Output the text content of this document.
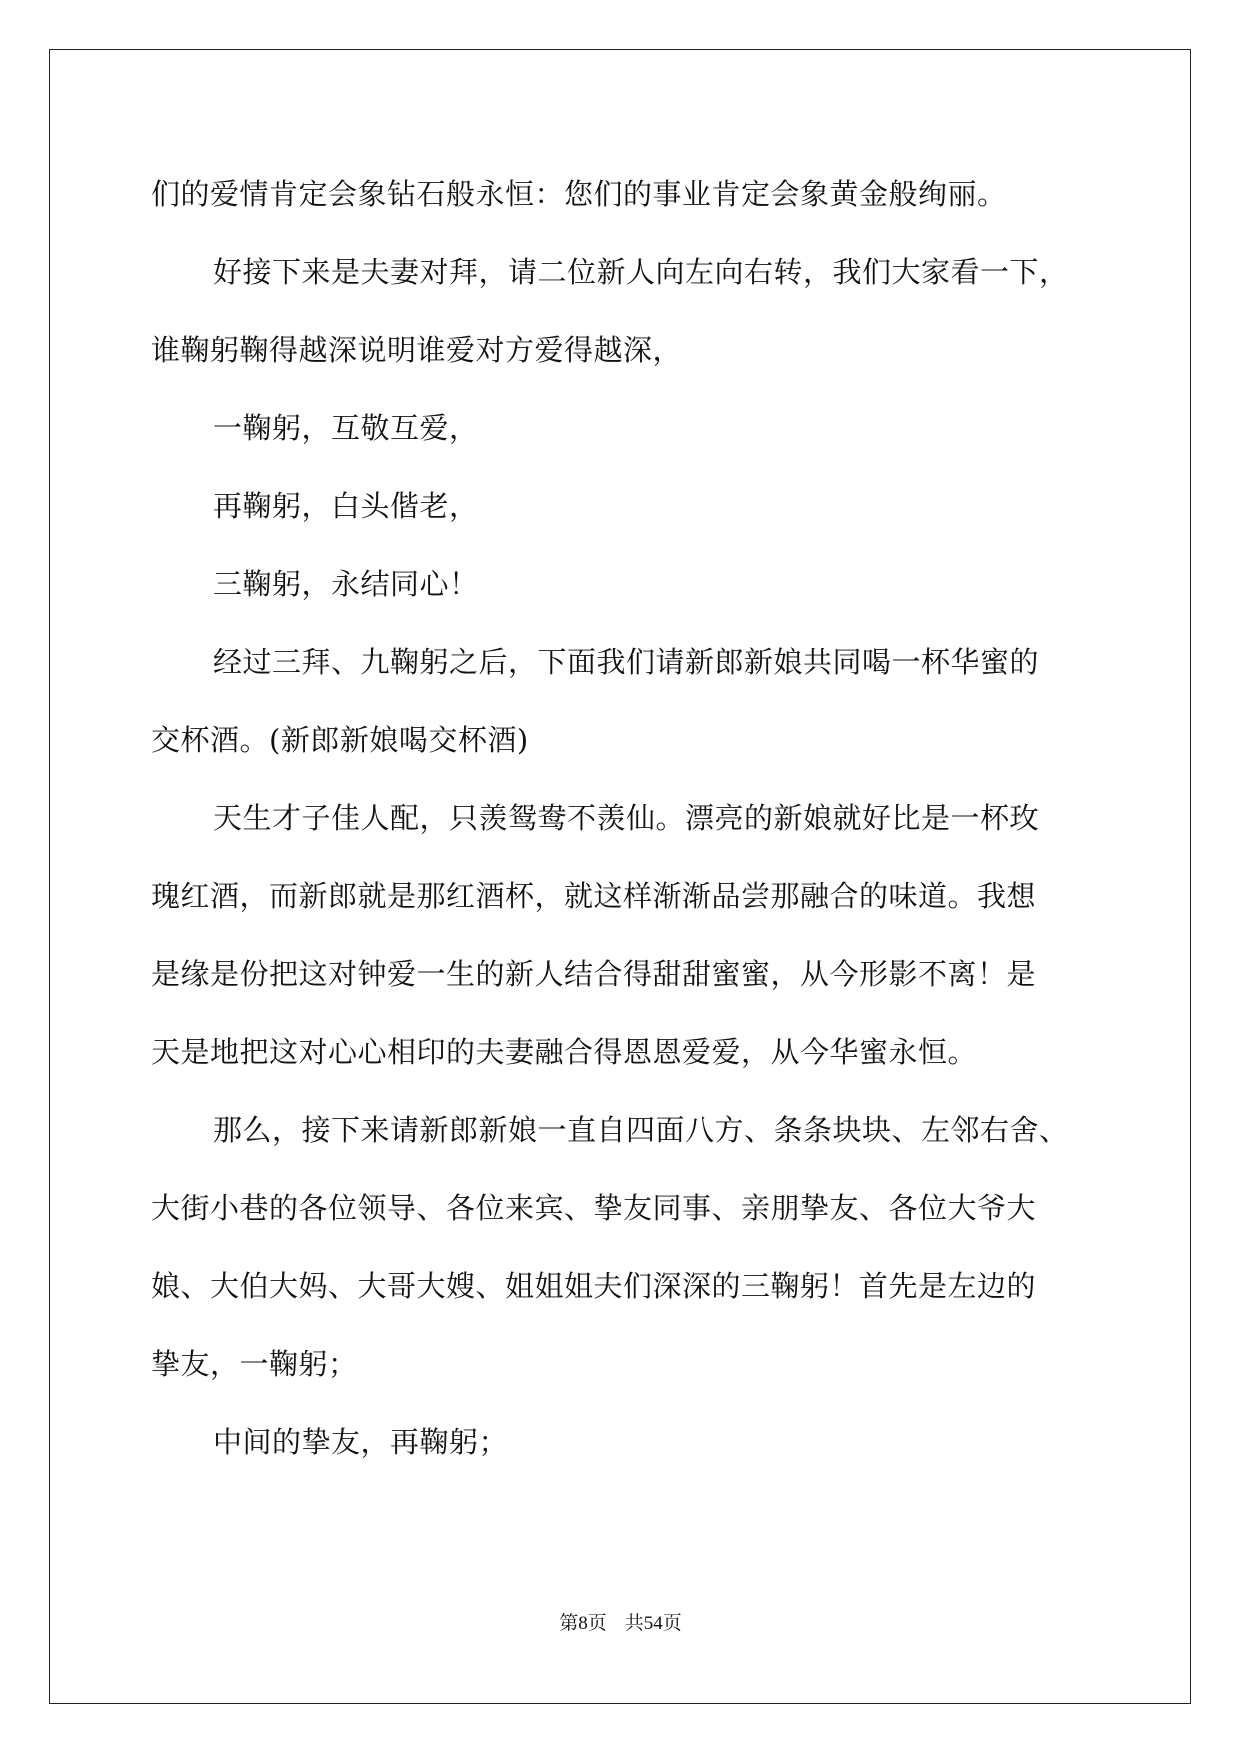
们的爱情肯定会象钻石般永恒：您们的事业肯定会象黄金般绚丽。
好接下来是夫妻对拜，请二位新人向左向右转，我们大家看一下，
谁鞠躬鞠得越深说明谁爱对方爱得越深，
一鞠躬，互敬互爱，
再鞠躬，白头偕老，
三鞠躬，永结同心！
经过三拜、九鞠躬之后，下面我们请新郎新娘共同喝一杯华蜜的
交杯酒。(新郎新娘喝交杯酒)
天生才子佳人配，只羡鸳鸯不羡仙。漂亮的新娘就好比是一杯玫
瑰红酒，而新郎就是那红酒杯，就这样渐渐品尝那融合的味道。我想
是缘是份把这对钟爱一生的新人结合得甜甜蜜蜜，从今形影不离！是
天是地把这对心心相印的夫妻融合得恩恩爱爱，从今华蜜永恒。
那么，接下来请新郎新娘一直自四面八方、条条块块、左邻右舍、
大街小巷的各位领导、各位来宾、挚友同事、亲朋挚友、各位大爷大
娘、大伯大妈、大哥大嫂、姐姐姐夫们深深的三鞠躬！首先是左边的
挚友，一鞠躬；
中间的挚友，再鞠躬；
第8页 共54页
